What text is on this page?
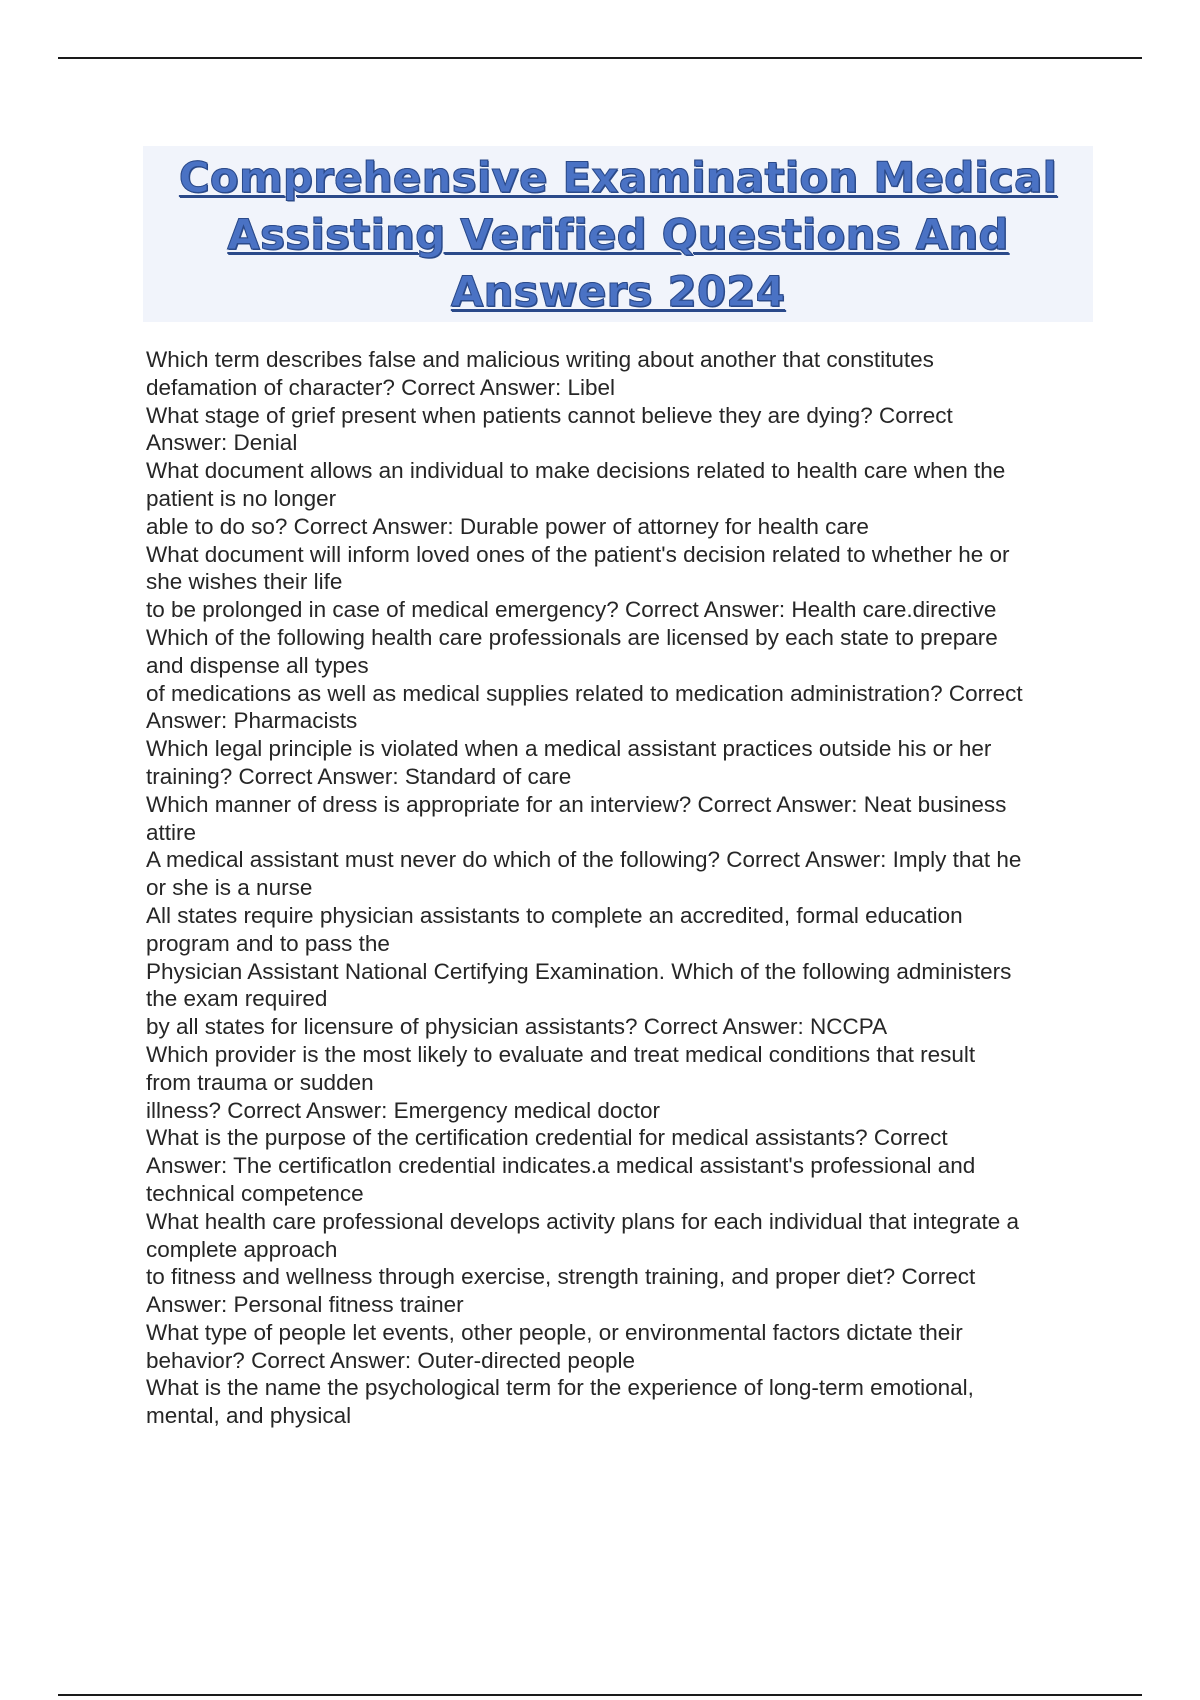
Comprehensive Examination Medical Assisting Verified Questions And Answers 2024

Which term describes false and malicious writing about another that constitutes

defamation of character? Correct Answer: Libel

What stage of grief present when patients cannot believe they are dying? Correct

Answer: Denial

What document allows an individual to make decisions related to health care when the

patient is no longer

able to do so? Correct Answer: Durable power of attorney for health care

What document will inform loved ones of the patient's decision related to whether he or

she wishes their life

to be prolonged in case of medical emergency? Correct Answer: Health care.directive

Which of the following health care professionals are licensed by each state to prepare

and dispense all types

of medications as well as medical supplies related to medication administration? Correct

Answer: Pharmacists

Which legal principle is violated when a medical assistant practices outside his or her

training? Correct Answer: Standard of care

Which manner of dress is appropriate for an interview? Correct Answer: Neat business

attire

A medical assistant must never do which of the following? Correct Answer: Imply that he

or she is a nurse

All states require physician assistants to complete an accredited, formal education

program and to pass the

Physician Assistant National Certifying Examination. Which of the following administers

the exam required

by all states for licensure of physician assistants? Correct Answer: NCCPA

Which provider is the most likely to evaluate and treat medical conditions that result

from trauma or sudden

illness? Correct Answer: Emergency medical doctor

What is the purpose of the certification credential for medical assistants? Correct

Answer: The certificatlon credential indicates.a medical assistant's professional and

technical competence

What health care professional develops activity plans for each individual that integrate a

complete approach

to fitness and wellness through exercise, strength training, and proper diet? Correct

Answer: Personal fitness trainer

What type of people let events, other people, or environmental factors dictate their

behavior? Correct Answer: Outer-directed people

What is the name the psychological term for the experience of long-term emotional,

mental, and physical
